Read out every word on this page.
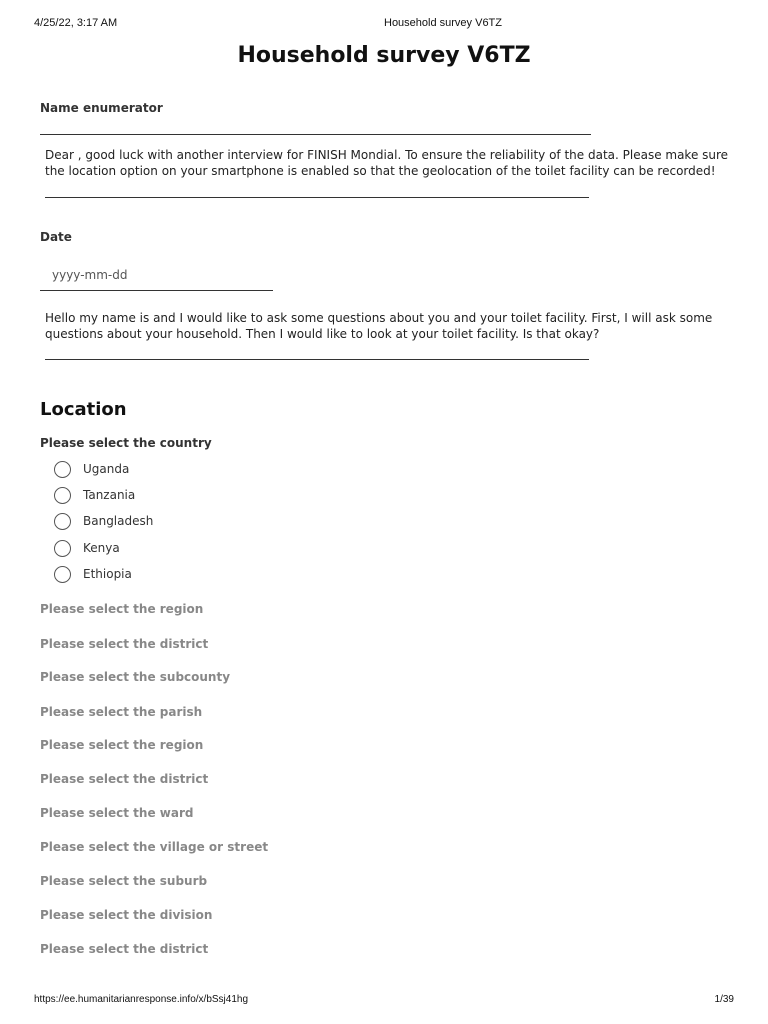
4/25/22, 3:17 AM	Household survey V6TZ
Household survey V6TZ
Name enumerator
Dear , good luck with another interview for FINISH Mondial. To ensure the reliability of the data. Please make sure the location option on your smartphone is enabled so that the geolocation of the toilet facility can be recorded!
Date
yyyy-mm-dd
Hello my name is and I would like to ask some questions about you and your toilet facility. First, I will ask some questions about your household. Then I would like to look at your toilet facility. Is that okay?
Location
Please select the country
Uganda
Tanzania
Bangladesh
Kenya
Ethiopia
Please select the region
Please select the district
Please select the subcounty
Please select the parish
Please select the region
Please select the district
Please select the ward
Please select the village or street
Please select the suburb
Please select the division
Please select the district
https://ee.humanitarianresponse.info/x/bSsj41hg	1/39
